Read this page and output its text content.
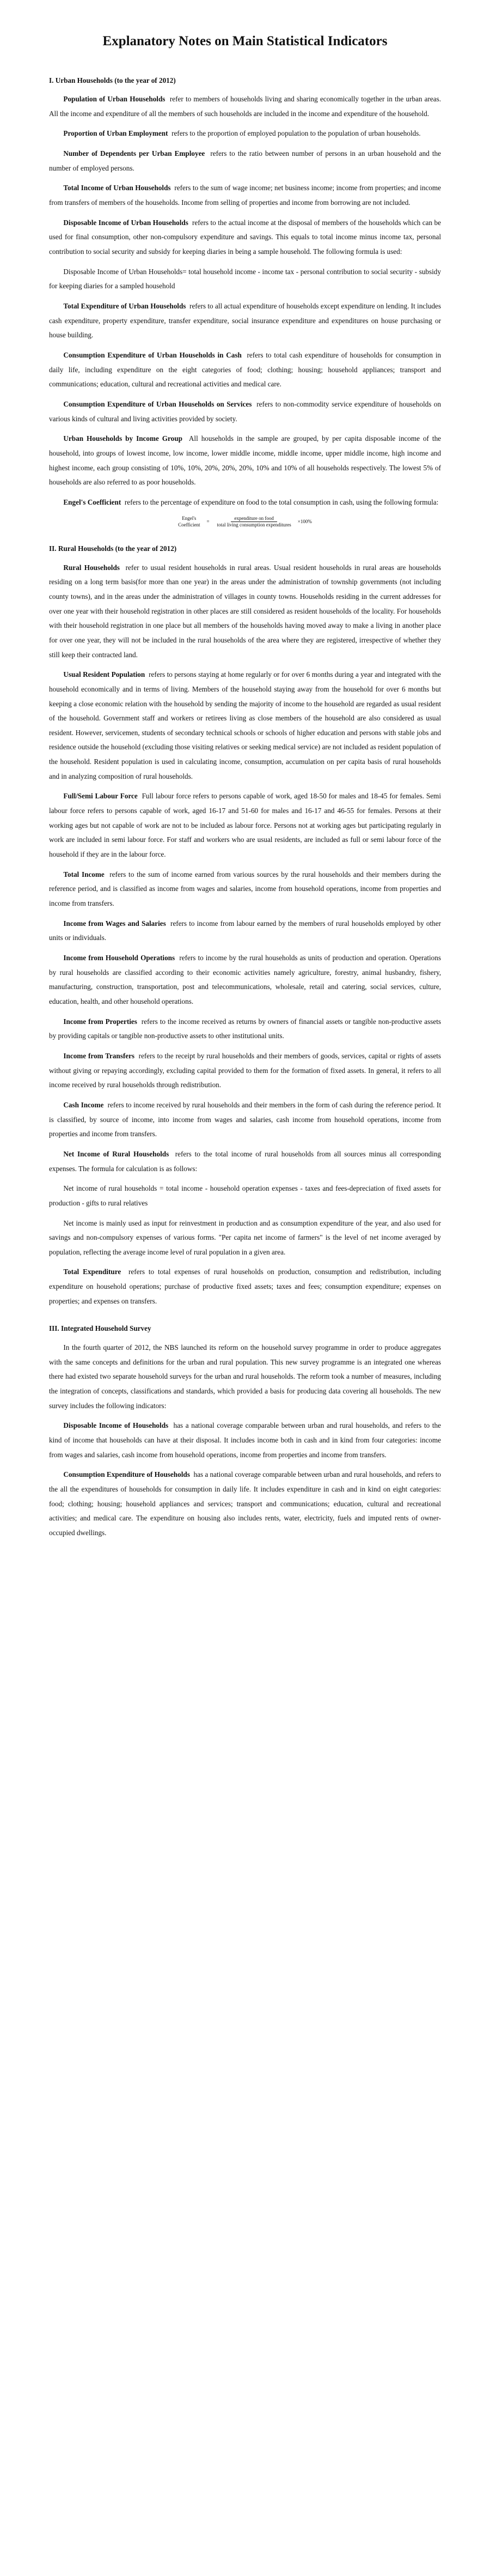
Explanatory Notes on Main Statistical Indicators
I. Urban Households (to the year of 2012)

Population of Urban Households refer to members of households living and sharing economically together in the urban areas. All the income and expenditure of all the members of such households are included in the income and expenditure of the household.

Proportion of Urban Employment refers to the proportion of employed population to the population of urban households.

Number of Dependents per Urban Employee refers to the ratio between number of persons in an urban household and the number of employed persons.

Total Income of Urban Households refers to the sum of wage income; net business income; income from properties; and income from transfers of members of the households. Income from selling of properties and income from borrowing are not included.

Disposable Income of Urban Households refers to the actual income at the disposal of members of the households which can be used for final consumption, other non-compulsory expenditure and savings. This equals to total income minus income tax, personal contribution to social security and subsidy for keeping diaries in being a sample household. The following formula is used:

Disposable Income of Urban Households= total household income - income tax - personal contribution to social security - subsidy for keeping diaries for a sampled household

Total Expenditure of Urban Households refers to all actual expenditure of households except expenditure on lending. It includes cash expenditure, property expenditure, transfer expenditure, social insurance expenditure and expenditures on house purchasing or house building.

Consumption Expenditure of Urban Households in Cash refers to total cash expenditure of households for consumption in daily life, including expenditure on the eight categories of food; clothing; housing; household appliances; transport and communications; education, cultural and recreational activities and medical care.

Consumption Expenditure of Urban Households on Services refers to non-commodity service expenditure of households on various kinds of cultural and living activities provided by society.

Urban Households by Income Group All households in the sample are grouped, by per capita disposable income of the household, into groups of lowest income, low income, lower middle income, middle income, upper middle income, high income and highest income, each group consisting of 10%, 10%, 20%, 20%, 20%, 10% and 10% of all households respectively. The lowest 5% of households are also referred to as poor households.

Engel's Coefficient refers to the percentage of expenditure on food to the total consumption in cash, using the following formula:

Engel's
Coefficient
= $\frac{\text{expenditure on food}}{\text{total living consumption expenditures}} \times 100\%$
II. Rural Households (to the year of 2012)

Rural Households refer to usual resident households in rural areas. Usual resident households in rural areas are households residing on a long term basis(for more than one year) in the areas under the administration of township governments (not including county towns), and in the areas under the administration of villages in county towns. Households residing in the current addresses for over one year with their household registration in other places are still considered as resident households of the locality. For households with their household registration in one place but all members of the households having moved away to make a living in another place for over one year, they will not be included in the rural households of the area where they are registered, irrespective of whether they still keep their contracted land.

Usual Resident Population refers to persons staying at home regularly or for over 6 months during a year and integrated with the household economically and in terms of living. Members of the household staying away from the household for over 6 months but keeping a close economic relation with the household by sending the majority of income to the household are regarded as usual resident of the household. Government staff and workers or retirees living as close members of the household are also considered as usual resident. However, servicemen, students of secondary technical schools or schools of higher education and persons with stable jobs and residence outside the household (excluding those visiting relatives or seeking medical service) are not included as resident population of the household. Resident population is used in calculating income, consumption, accumulation on per capita basis of rural households and in analyzing composition of rural households.

Full/Semi Labour Force Full labour force refers to persons capable of work, aged 18-50 for males and 18-45 for females. Semi labour force refers to persons capable of work, aged 16-17 and 51-60 for males and 16-17 and 46-55 for females. Persons at their working ages but not capable of work are not to be included as labour force. Persons not at working ages but participating regularly in work are included in semi labour force. For staff and workers who are usual residents, are included as full or semi labour force of the household if they are in the labour force.

Total Income refers to the sum of income earned from various sources by the rural households and their members during the reference period, and is classified as income from wages and salaries, income from household operations, income from properties and income from transfers.

Income from Wages and Salaries refers to income from labour earned by the members of rural households employed by other units or individuals.

Income from Household Operations refers to income by the rural households as units of production and operation. Operations by rural households are classified according to their economic activities namely agriculture, forestry, animal husbandry, fishery, manufacturing, construction, transportation, post and telecommunications, wholesale, retail and catering, social services, culture, education, health, and other household operations.

Income from Properties refers to the income received as returns by owners of financial assets or tangible non-productive assets by providing capitals or tangible non-productive assets to other institutional units.

Income from Transfers refers to the receipt by rural households and their members of goods, services, capital or rights of assets without giving or repaying accordingly, excluding capital provided to them for the formation of fixed assets. In general, it refers to all income received by rural households through redistribution.

Cash Income refers to income received by rural households and their members in the form of cash during the reference period. It is classified, by source of income, into income from wages and salaries, cash income from household operations, income from properties and income from transfers.

Net Income of Rural Households refers to the total income of rural households from all sources minus all corresponding expenses. The formula for calculation is as follows:

Net income of rural households = total income - household operation expenses - taxes and fees-depreciation of fixed assets for production - gifts to rural relatives

Net income is mainly used as input for reinvestment in production and as consumption expenditure of the year, and also used for savings and non-compulsory expenses of various forms. "Per capita net income of farmers" is the level of net income averaged by population, reflecting the average income level of rural population in a given area.

Total Expenditure refers to total expenses of rural households on production, consumption and redistribution, including expenditure on household operations; purchase of productive fixed assets; taxes and fees; consumption expenditure; expenses on properties; and expenses on transfers.

III. Integrated Household Survey

In the fourth quarter of 2012, the NBS launched its reform on the household survey programme in order to produce aggregates with the same concepts and definitions for the urban and rural population. This new survey programme is an integrated one whereas there had existed two separate household surveys for the urban and rural households. The reform took a number of measures, including the integration of concepts, classifications and standards, which provided a basis for producing data covering all households. The new survey includes the following indicators:

Disposable Income of Households has a national coverage comparable between urban and rural households, and refers to the kind of income that households can have at their disposal. It includes income both in cash and in kind from four categories: income from wages and salaries, cash income from household operations, income from properties and income from transfers.

Consumption Expenditure of Households has a national coverage comparable between urban and rural households, and refers to the all the expenditures of households for consumption in daily life. It includes expenditure in cash and in kind on eight categories: food; clothing; housing; household appliances and services; transport and communications; education, cultural and recreational activities; and medical care. The expenditure on housing also includes rents, water, electricity, fuels and imputed rents of owner-occupied dwellings.
